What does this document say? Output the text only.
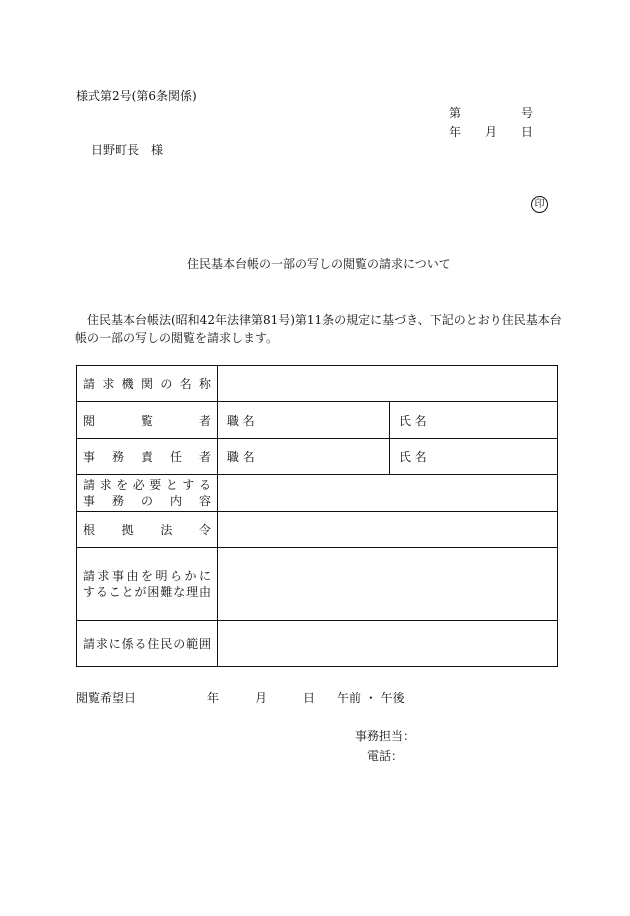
様式第2号(第6条関係)
第	号
年 月 日
日野町長　様
印
住民基本台帳の一部の写しの閲覧の請求について
住民基本台帳法(昭和42年法律第81号)第11条の規定に基づき、下記のとおり住民基本台
帳の一部の写しの閲覧を請求します。
請求機関の名称				
閲覧者	職 名		氏 名	
事務責任者	職 名		氏 名	

請求を必要とする
事務の内容				

根拠法令				

請求事由を明らかに
することが困難な理由				

請求に係る住民の範囲				
閲覧希望日	年	月	日 午前 ・ 午後
事務担当：
電話：
